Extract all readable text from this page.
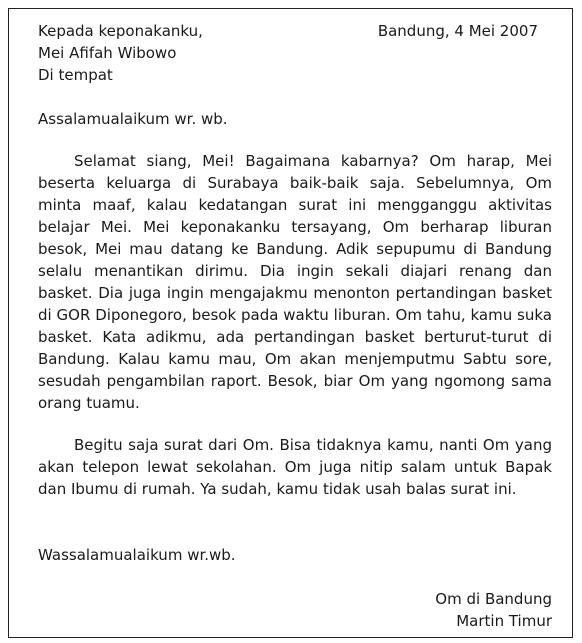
Kepada keponakanku,
Mei Afifah Wibowo
Di tempat
Bandung, 4 Mei 2007
Assalamualaikum wr. wb.

Selamat siang, Mei! Bagaimana kabarnya? Om harap, Mei beserta keluarga di Surabaya baik-baik saja. Sebelumnya, Om minta maaf, kalau kedatangan surat ini mengganggu aktivitas belajar Mei. Mei keponakanku tersayang, Om berharap liburan besok, Mei mau datang ke Bandung. Adik sepupumu di Bandung selalu menantikan dirimu. Dia ingin sekali diajari renang dan basket. Dia juga ingin mengajakmu menonton pertandingan basket di GOR Diponegoro, besok pada waktu liburan. Om tahu, kamu suka basket. Kata adikmu, ada pertandingan basket berturut-turut di Bandung. Kalau kamu mau, Om akan menjemputmu Sabtu sore, sesudah pengambilan raport. Besok, biar Om yang ngomong sama orang tuamu.

Begitu saja surat dari Om. Bisa tidaknya kamu, nanti Om yang akan telepon lewat sekolahan. Om juga nitip salam untuk Bapak dan Ibumu di rumah. Ya sudah, kamu tidak usah balas surat ini.

Wassalamualaikum wr.wb.
Om di Bandung
Martin Timur
